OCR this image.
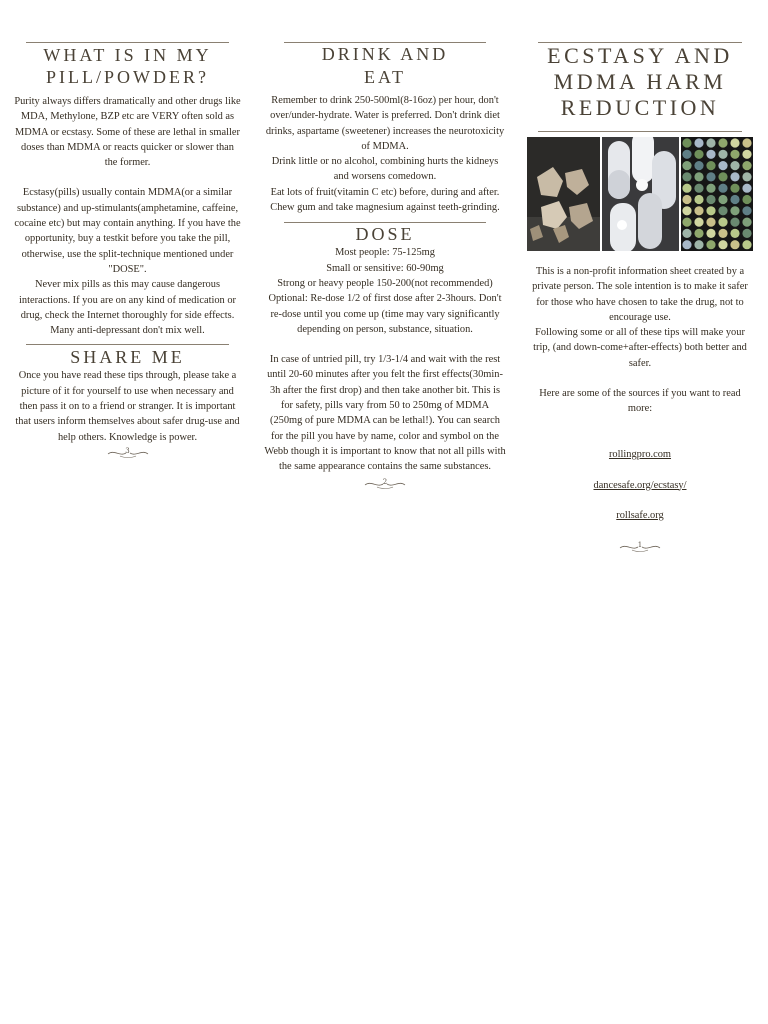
WHAT IS IN MY PILL/POWDER?

Purity always differs dramatically and other drugs like MDA, Methylone, BZP etc are VERY often sold as MDMA or ecstasy. Some of these are lethal in smaller doses than MDMA or reacts quicker or slower than the former.

Ecstasy(pills) usually contain MDMA(or a similar substance) and up-stimulants(amphetamine, caffeine, cocaine etc) but may contain anything. If you have the opportunity, buy a testkit before you take the pill, otherwise, use the split-technique mentioned under "DOSE".
Never mix pills as this may cause dangerous interactions. If you are on any kind of medication or drug, check the Internet thoroughly for side effects. Many anti-depressant don't mix well.

SHARE ME

Once you have read these tips through, please take a picture of it for yourself to use when necessary and then pass it on to a friend or stranger. It is important that users inform themselves about safer drug-use and help others. Knowledge is power.

3
DRINK AND
EAT

Remember to drink 250-500ml(8-16oz) per hour, don't over/under-hydrate. Water is preferred. Don't drink diet drinks, aspartame (sweetener) increases the neurotoxicity of MDMA.
Drink little or no alcohol, combining hurts the kidneys and worsens comedown.
Eat lots of fruit(vitamin C etc) before, during and after. Chew gum and take magnesium against teeth-grinding.

DOSE

Most people: 75-125mg
Small or sensitive: 60-90mg
Strong or heavy people 150-200(not recommended)
Optional: Re-dose 1/2 of first dose after 2-3hours. Don't re-dose until you come up (time may vary significantly depending on person, substance, situation.

In case of untried pill, try 1/3-1/4 and wait with the rest until 20-60 minutes after you felt the first effects(30min-3h after the first drop) and then take another bit. This is for safety, pills vary from 50 to 250mg of MDMA (250mg of pure MDMA can be lethal!). You can search for the pill you have by name, color and symbol on the Webb though it is important to know that not all pills with the same appearance contains the same substances.

2
ECSTASY AND
MDMA HARM
REDUCTION

This is a non-profit information sheet created by a private person. The sole intention is to make it safer for those who have chosen to take the drug, not to encourage use.
Following some or all of these tips will make your trip, (and down-come+after-effects) both better and safer.

Here are some of the sources if you want to read more:

rollingpro.com

dancesafe.org/ecstasy/

rollsafe.org

1
